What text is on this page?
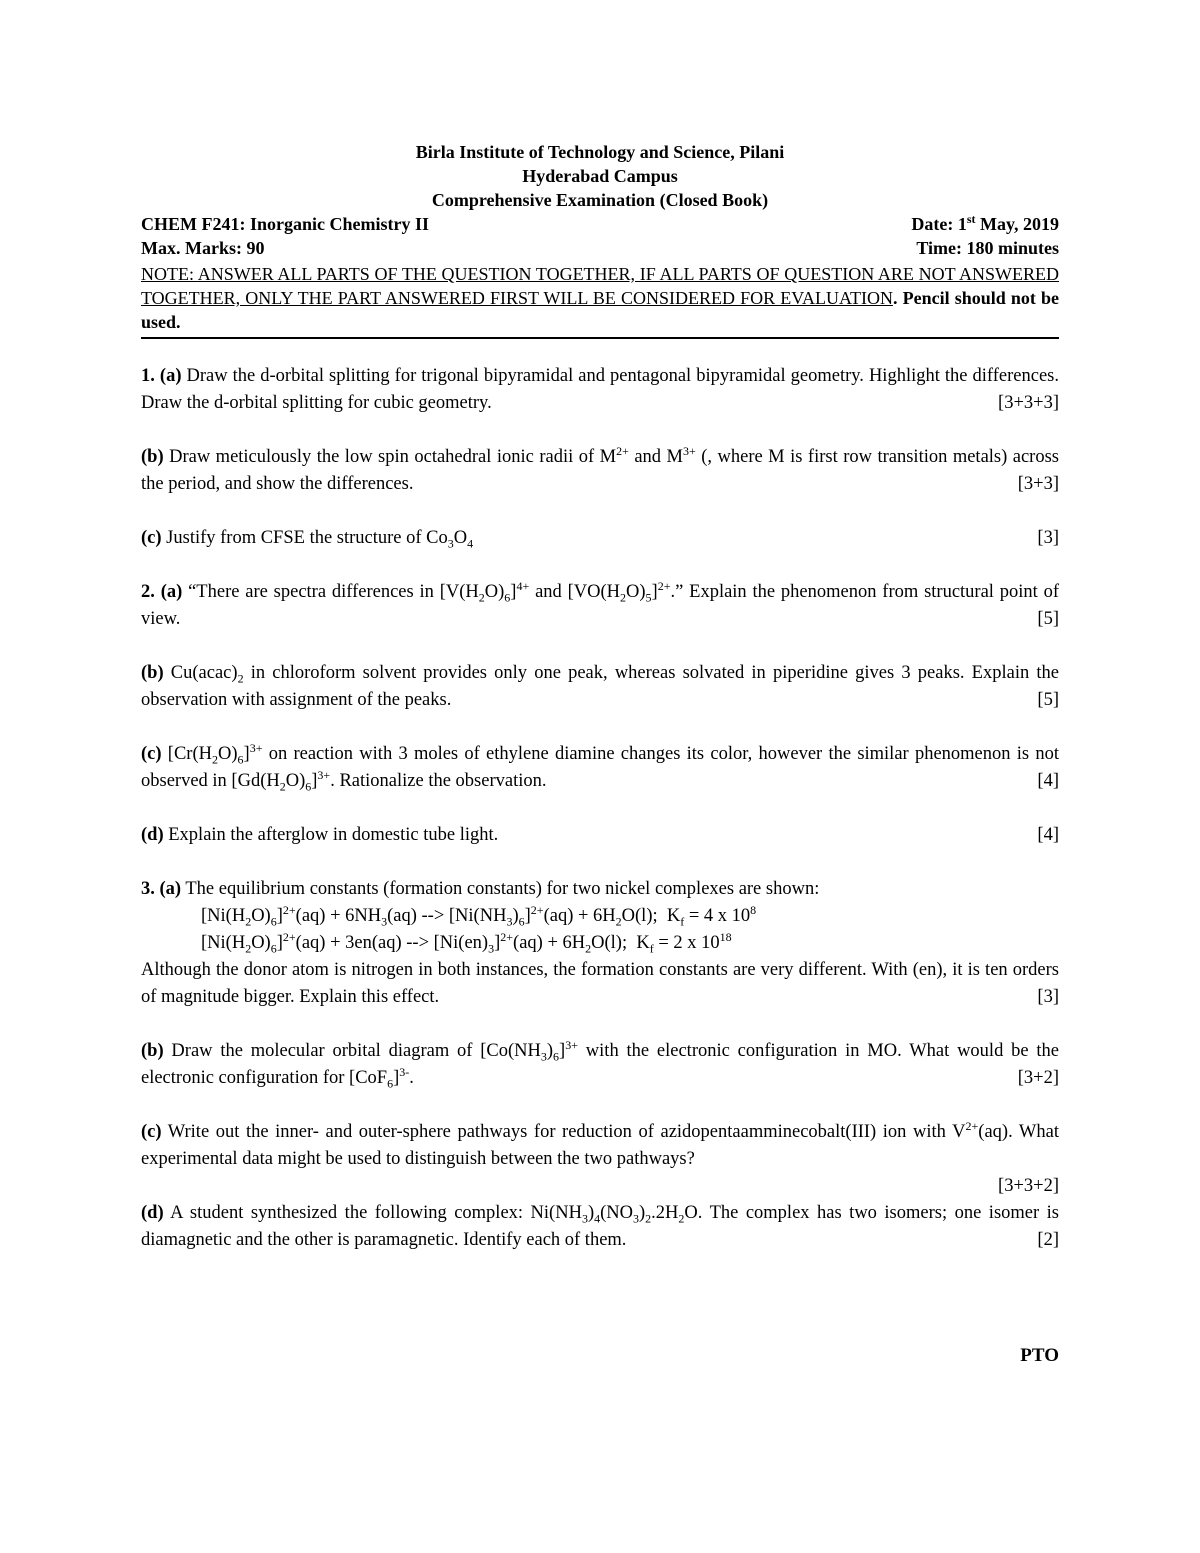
Birla Institute of Technology and Science, Pilani
Hyderabad Campus
Comprehensive Examination (Closed Book)
CHEM F241: Inorganic Chemistry II	Date: 1st May, 2019
Max. Marks: 90	Time: 180 minutes
NOTE: ANSWER ALL PARTS OF THE QUESTION TOGETHER, IF ALL PARTS OF QUESTION ARE NOT ANSWERED TOGETHER, ONLY THE PART ANSWERED FIRST WILL BE CONSIDERED FOR EVALUATION. Pencil should not be used.
1. (a) Draw the d-orbital splitting for trigonal bipyramidal and pentagonal bipyramidal geometry. Highlight the differences. Draw the d-orbital splitting for cubic geometry.	[3+3+3]
(b) Draw meticulously the low spin octahedral ionic radii of $M^{2+}$ and $M^{3+}$ (, where M is first row transition metals) across the period, and show the differences.	[3+3]
(c) Justify from CFSE the structure of $Co_3O_4$	[3]
2. (a) “There are spectra differences in $[V(H_2O)_6]^{4+}$ and $[VO(H_2O)_5]^{2+}$.” Explain the phenomenon from structural point of view.	[5]
(b) $Cu(acac)_2$ in chloroform solvent provides only one peak, whereas solvated in piperidine gives 3 peaks. Explain the observation with assignment of the peaks.	[5]
(c) $[Cr(H_2O)_6]^{3+}$ on reaction with 3 moles of ethylene diamine changes its color, however the similar phenomenon is not observed in $[Gd(H_2O)_6]^{3+}$. Rationalize the observation.	[4]
(d) Explain the afterglow in domestic tube light.	[4]
3. (a) The equilibrium constants (formation constants) for two nickel complexes are shown:
$[Ni(H_2O)_6]^{2+}(aq) + 6NH_3(aq)$ --> $[Ni(NH_3)_6]^{2+}(aq) + 6H_2O(l)$;  $K_f = 4$ x $10^8$
$[Ni(H_2O)_6]^{2+}(aq) + 3en(aq)$ --> $[Ni(en)_3]^{2+}(aq) + 6H_2O(l)$;  $K_f = 2$ x $10^{18}$
Although the donor atom is nitrogen in both instances, the formation constants are very different. With (en), it is ten orders of magnitude bigger. Explain this effect.	[3]
(b) Draw the molecular orbital diagram of $[Co(NH_3)_6]^{3+}$ with the electronic configuration in MO. What would be the electronic configuration for $[CoF_6]^{3-}$.	[3+2]
(c) Write out the inner- and outer-sphere pathways for reduction of azidopentaamminecobalt(III) ion with $V^{2+}(aq)$. What experimental data might be used to distinguish between the two pathways?
[3+3+2]
(d) A student synthesized the following complex: $Ni(NH_3)_4(NO_3)_2.2H_2O$. The complex has two isomers; one isomer is diamagnetic and the other is paramagnetic. Identify each of them.	[2]
PTO
